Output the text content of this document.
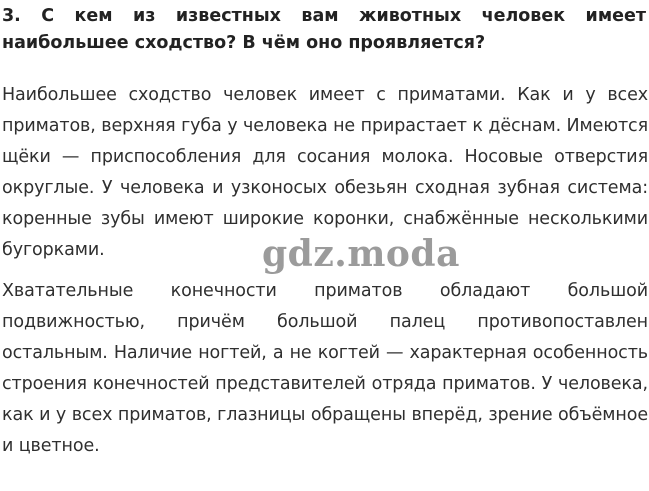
3. С кем из известных вам животных человек имеет наибольшее сходство? В чём оно проявляется?
Наибольшее сходство человек имеет с приматами. Как и у всех приматов, верхняя губа у человека не прирастает к дёснам. Имеются щёки — приспособления для сосания молока. Носовые отверстия округлые. У человека и узконосых обезьян сходная зубная система: коренные зубы имеют широкие коронки, снабжённые несколькими бугорками.
Хватательные конечности приматов обладают большой подвижностью, причём большой палец противопоставлен остальным. Наличие ногтей, а не когтей — характерная особенность строения конечностей представителей отряда приматов. У человека, как и у всех приматов, глазницы обращены вперёд, зрение объёмное и цветное.
gdz.moda
